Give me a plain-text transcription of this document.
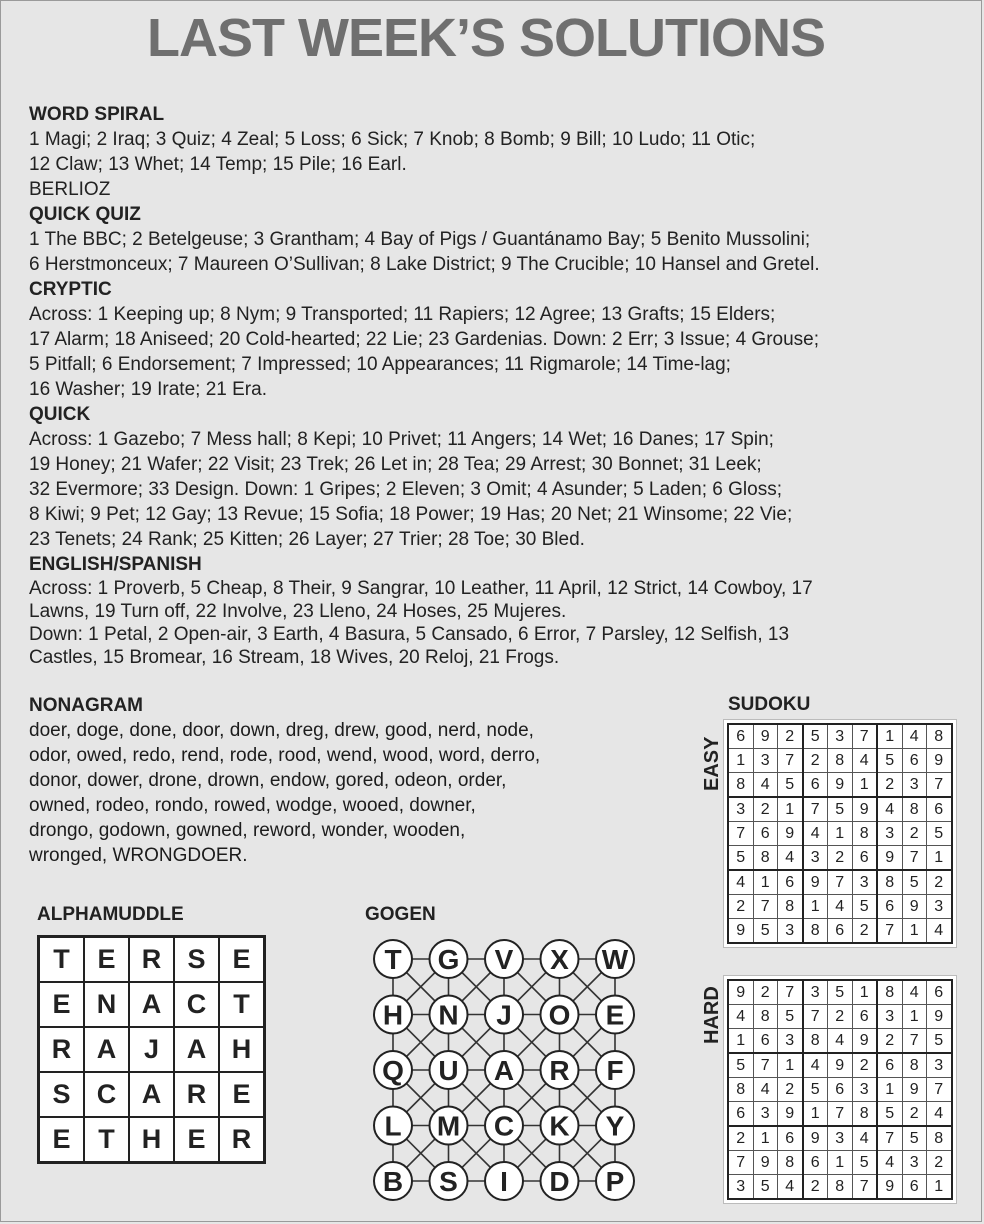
LAST WEEK’S SOLUTIONS
WORD SPIRAL
1 Magi; 2 Iraq; 3 Quiz; 4 Zeal; 5 Loss; 6 Sick; 7 Knob; 8 Bomb; 9 Bill; 10 Ludo; 11 Otic;
12 Claw; 13 Whet; 14 Temp; 15 Pile; 16 Earl.
BERLIOZ
QUICK QUIZ
1 The BBC; 2 Betelgeuse; 3 Grantham; 4 Bay of Pigs / Guantánamo Bay; 5 Benito Mussolini;
6 Herstmonceux; 7 Maureen O’Sullivan; 8 Lake District; 9 The Crucible; 10 Hansel and Gretel.
CRYPTIC
Across: 1 Keeping up; 8 Nym; 9 Transported; 11 Rapiers; 12 Agree; 13 Grafts; 15 Elders;
17 Alarm; 18 Aniseed; 20 Cold-hearted; 22 Lie; 23 Gardenias. Down: 2 Err; 3 Issue; 4 Grouse;
5 Pitfall; 6 Endorsement; 7 Impressed; 10 Appearances; 11 Rigmarole; 14 Time-lag;
16 Washer; 19 Irate; 21 Era.
QUICK
Across: 1 Gazebo; 7 Mess hall; 8 Kepi; 10 Privet; 11 Angers; 14 Wet; 16 Danes; 17 Spin;
19 Honey; 21 Wafer; 22 Visit; 23 Trek; 26 Let in; 28 Tea; 29 Arrest; 30 Bonnet; 31 Leek;
32 Evermore; 33 Design. Down: 1 Gripes; 2 Eleven; 3 Omit; 4 Asunder; 5 Laden; 6 Gloss;
8 Kiwi; 9 Pet; 12 Gay; 13 Revue; 15 Sofia; 18 Power; 19 Has; 20 Net; 21 Winsome; 22 Vie;
23 Tenets; 24 Rank; 25 Kitten; 26 Layer; 27 Trier; 28 Toe; 30 Bled.
ENGLISH/SPANISH

Across: 1 Proverb, 5 Cheap, 8 Their, 9 Sangrar, 10 Leather, 11 April, 12 Strict, 14 Cowboy, 17

Lawns, 19 Turn off, 22 Involve, 23 Lleno, 24 Hoses, 25 Mujeres.

Down: 1 Petal, 2 Open-air, 3 Earth, 4 Basura, 5 Cansado, 6 Error, 7 Parsley, 12 Selfish, 13

Castles, 15 Bromear, 16 Stream, 18 Wives, 20 Reloj, 21 Frogs.

NONAGRAM
doer, doge, done, door, down, dreg, drew, good, nerd, node,
odor, owed, redo, rend, rode, rood, wend, wood, word, derro,
donor, dower, drone, drown, endow, gored, odeon, order,
owned, rodeo, rondo, rowed, wodge, wooed, downer,
drongo, godown, gowned, reword, wonder, wooden,
wronged, WRONGDOER.
ALPHAMUDDLE
T	E R S E
E N A C	T
R A	J	A H
S C A R E
E	T	H E R
GOGEN
T G V X W
H N J O E
Q U A R F
L M C K Y
B S I D P
SUDOKU
EASY
HARD
6	9	2	5	3	7	1	4	8
1	3	7	2	8	4	5	6	9
8	4	5	6	9	1	2	3	7
3	2	1	7	5	9	4	8	6
7	6	9	4	1	8	3	2	5
5	8	4	3	2	6	9	7	1
4	1	6	9	7	3	8	5	2
2	7	8	1	4	5	6	9	3
9	5	3	8	6	2	7	1	4
9	2	7	3	5	1	8	4	6
4	8	5	7	2	6	3	1	9
1	6	3	8	4	9	2	7	5
5	7	1	4	9	2	6	8	3
8	4	2	5	6	3	1	9	7
6	3	9	1	7	8	5	2	4
2	1	6	9	3	4	7	5	8
7	9	8	6	1	5	4	3	2
3	5	4	2	8	7	9	6	1
